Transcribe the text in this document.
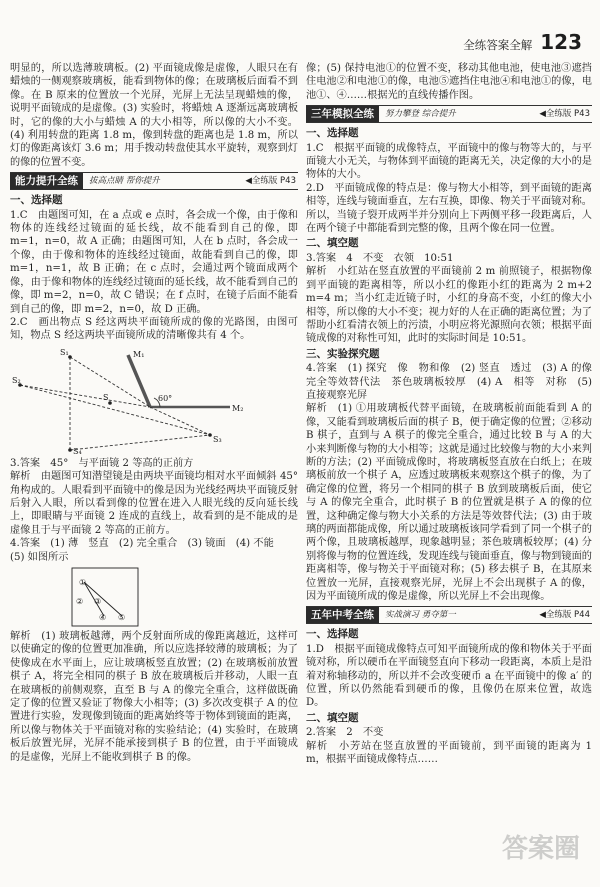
全练答案全解 123

明显的，所以选薄玻璃板。(2) 平面镜成像是虚像，人眼只在有蜡烛的一侧观察玻璃板，能看到物体的像；在玻璃板后面看不到像。在 B 原来的位置放一个光屏，光屏上无法呈现蜡烛的像，说明平面镜成的是虚像。(3) 实验时，将蜡烛 A 逐渐远离玻璃板时，它的像的大小与蜡烛 A 的大小相等，所以像的大小不变。(4) 利用转盘的距离 1.8 m，像到转盘的距离也是 1.8 m，所以灯的像距离该灯 3.6 m；用手拨动转盘使其水平旋转，观察到灯的像的位置不变。

能力提升全练	拔高点睛 帮你提升	◀全练版 P43
一、选择题

1.C　由题图可知，在 a 点或 e 点时，各会成一个像，由于像和物体的连线经过镜面的延长线，故不能看到自己的像，即 m=1，n=0，故 A 正确；由题图可知，人在 b 点时，各会成一个像，由于像和物体的连线经过镜面，故能看到自己的像，即 m=1，n=1，故 B 正确；在 c 点时，会通过两个镜面成两个像，由于像和物体的连线经过镜面的延长线，故不能看到自己的像，即 m=2，n=0，故 C 错误；在 f 点时，在镜子后面不能看到自己的像，即 m=2，n=0，故 D 正确。

2.C　画出物点 S 经这两块平面镜所成的像的光路图，由图可知，物点 S 经这两块平面镜所成的清晰像共有 4 个。

S₁	M₁
S
S₂
60°
M₂
S₃
S₄

3.答案　45°　与平面镜 2 等高的正前方

解析　由题图可知潜望镜是由两块平面镜均相对水平面倾斜 45° 角构成的。人眼看到平面镜中的像是因为光线经两块平面镜反射后射入人眼，所以看到像的位置在进入人眼光线的反向延长线上，即眼睛与平面镜 2 连成的直线上，故看到的是不能成的是虚像且于与平面镜 2 等高的正前方。

4.答案　(1) 薄　竖直　(2) 完全重合　(3) 镜面　(4) 不能

(5) 如图所示

①
② ③
④ ⑤

解析　(1) 玻璃板越薄，两个反射面所成的像距离越近，这样可以使确定的像的位置更加准确，所以应选择较薄的玻璃板；为了使像成在水平面上，应让玻璃板竖直放置；(2) 在玻璃板前放置棋子 A，将完全相同的棋子 B 放在玻璃板后并移动，人眼一直在玻璃板的前侧观察，直至 B 与 A 的像完全重合，这样做既确定了像的位置又验证了物像大小相等；(3) 多次改变棋子 A 的位置进行实验，发现像到镜面的距离始终等于物体到镜面的距离，所以像与物体关于平面镜对称的实验结论；(4) 实验时，在玻璃板后放置光屏，光屏不能承接到棋子 B 的位置，由于平面镜成的是虚像，光屏上不能收到棋子 B 的像。

像；(5) 保持电池①的位置不变，移动其他电池，使电池③遮挡住电池②和电池①的像，电池⑤遮挡住电池④和电池①的像，电池①、④……根据光的直线传播作图。

三年模拟全练	努力攀登 综合提升	◀全练版 P43
一、选择题

1.C　根据平面镜的成像特点，平面镜中的像与物等大的，与平面镜大小无关，与物体到平面镜的距离无关，决定像的大小的是物体的大小。

2.D　平面镜成像的特点是：像与物大小相等，到平面镜的距离相等，连线与镜面垂直，左右互换，即像、物关于平面镜对称。所以，当镜子裂开成两半并分别向上下两侧平移一段距离后，人在两个镜子中都能看到完整的像，且两个像在同一位置。

二、填空题

3.答案　4　不变　衣领　10:51

解析　小红站在竖直放置的平面镜前 2 m 前照镜子，根据物像到平面镜的距离相等，所以小红的像距小红的距离为 2 m+2 m=4 m；当小红走近镜子时，小红的身高不变，小红的像大小相等，所以像的大小不变；视力好的人在正确的距离位置；为了帮助小红看清衣领上的污渍，小明应将光源照向衣领；根据平面镜成像的对称性可知，此时的实际时间是 10:51。

三、实验探究题

4.答案　(1) 探究　像　物和像　(2) 竖直　透过　(3) A 的像完全等效替代法　茶色玻璃板较厚　(4) A　相等　对称　(5) 直接观察光屏

解析　(1) ①用玻璃板代替平面镜，在玻璃板前面能看到 A 的像，又能看到玻璃板后面的棋子 B，便于确定像的位置；②移动 B 棋子，直到与 A 棋子的像完全重合，通过比较 B 与 A 的大小来判断像与物的大小相等；这就是通过比较像与物的大小来判断的方法；(2) 平面镜成像时，将玻璃板竖直放在白纸上；在玻璃板前放一个棋子 A，应透过玻璃板来观察这个棋子的像，为了确定像的位置，将另一个相同的棋子 B 放到玻璃板后面，使它与 A 的像完全重合，此时棋子 B 的位置就是棋子 A 的像的位置，这种确定像与物大小关系的方法是等效替代法；(3) 由于玻璃的两面都能成像，所以通过玻璃板该同学看到了同一个棋子的两个像，且玻璃板越厚，现象越明显；茶色玻璃板较厚；(4) 分别将像与物的位置连线，发现连线与镜面垂直，像与物到镜面的距离相等，像与物关于平面镜对称；(5) 移去棋子 B，在其原来位置放一光屏，直接观察光屏，光屏上不会出现棋子 A 的像，因为平面镜所成的像是虚像，所以光屏上不会出现像。

五年中考全练	实战演习 勇夺第一	◀全练版 P44
一、选择题

1.D　根据平面镜成像特点可知平面镜所成的像和物体关于平面镜对称，所以硬币在平面镜竖直向下移动一段距离，本质上是沿着对称轴移动的，所以并不会改变硬币 a 在平面镜中的像 a′ 的位置，所以仍然能看到硬币的像，且像仍在原来位置，故选 D。

二、填空题

2.答案　2　不变

解析　小芳站在竖直放置的平面镜前，到平面镜的距离为 1 m，根据平面镜成像特点……

答案圈
